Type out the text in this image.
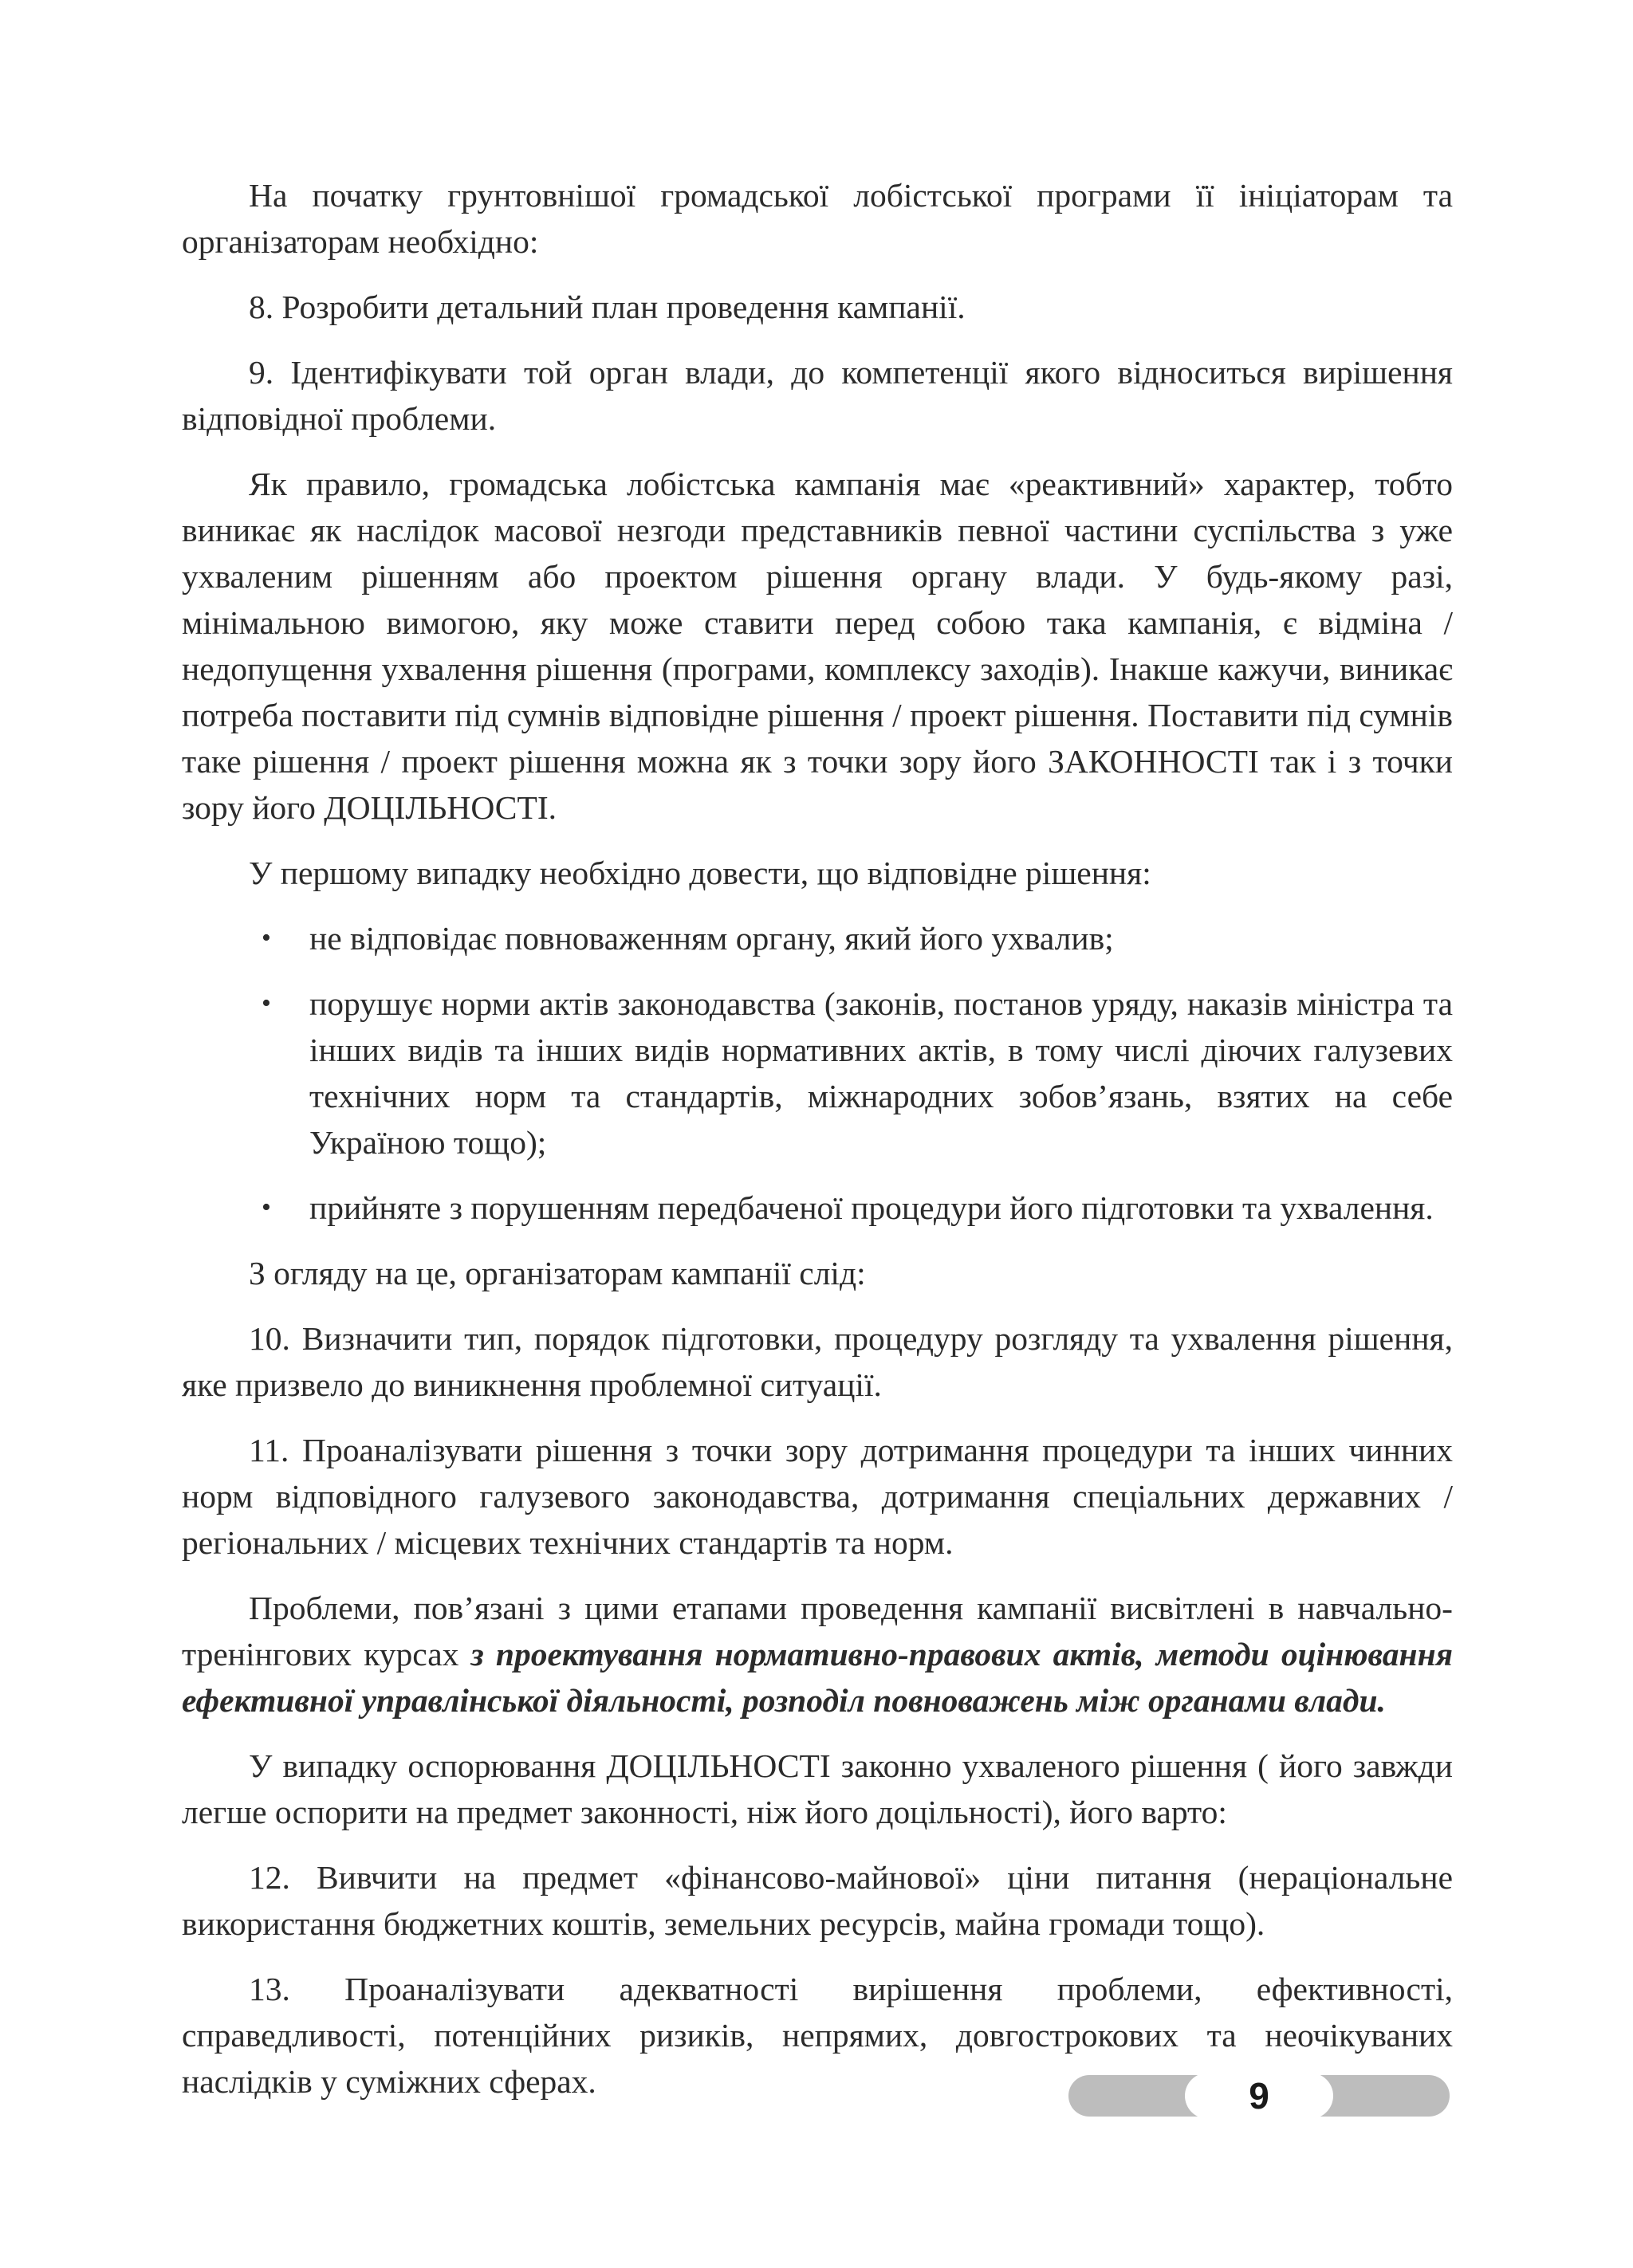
На початку грунтовнішої громадської лобістської програми її ініціаторам та організаторам необхідно:

8. Розробити детальний план проведення кампанії.

9. Ідентифікувати той орган влади, до компетенції якого відноситься вирішення відповідної проблеми.

Як правило, громадська лобістська кампанія має «реактивний» характер, тобто виникає як наслідок масової незгоди представників певної частини суспільства з уже ухваленим рішенням або проектом рішення органу влади. У будь-якому разі, мінімальною вимогою, яку може ставити перед собою така кампанія, є відміна / недопущення ухвалення рішення (програми, комплексу заходів). Інакше кажучи, виникає потреба поставити під сумнів відповідне рішення / проект рішення. Поставити під сумнів таке рішення / проект рішення можна як з точки зору його ЗАКОННОСТІ так і з точки зору його ДОЦІЛЬНОСТІ.

У першому випадку необхідно довести, що відповідне рішення:

•	не відповідає повноваженням органу, який його ухвалив;
•	порушує норми актів законодавства (законів, постанов уряду, наказів міністра та інших видів та інших видів нормативних актів, в тому числі діючих галузевих технічних норм та стандартів, міжнародних зобов’язань, взятих на себе Україною тощо);
•	прийняте з порушенням передбаченої процедури його підготовки та ухвалення.

З огляду на це, організаторам кампанії слід:

10. Визначити тип, порядок підготовки, процедуру розгляду та ухвалення рішення, яке призвело до виникнення проблемної ситуації.

11. Проаналізувати рішення з точки зору дотримання процедури та інших чинних норм відповідного галузевого законодавства, дотримання спеціальних державних / регіональних / місцевих технічних стандартів та норм.

Проблеми, пов’язані з цими етапами проведення кампанії висвітлені в навчально-тренінгових курсах з проектування нормативно-правових актів, методи оцінювання ефективної управлінської діяльності, розподіл повноважень між органами влади.

У випадку оспорювання ДОЦІЛЬНОСТІ законно ухваленого рішення ( його завжди легше оспорити на предмет законності, ніж його доцільності), його варто:

12. Вивчити на предмет «фінансово-майнової» ціни питання (нераціональне використання бюджетних коштів, земельних ресурсів, майна громади тощо).

13. Проаналізувати адекватності вирішення проблеми, ефективності, справедливості, потенційних ризиків, непрямих, довгострокових та неочікуваних наслідків у суміжних сферах.	9
